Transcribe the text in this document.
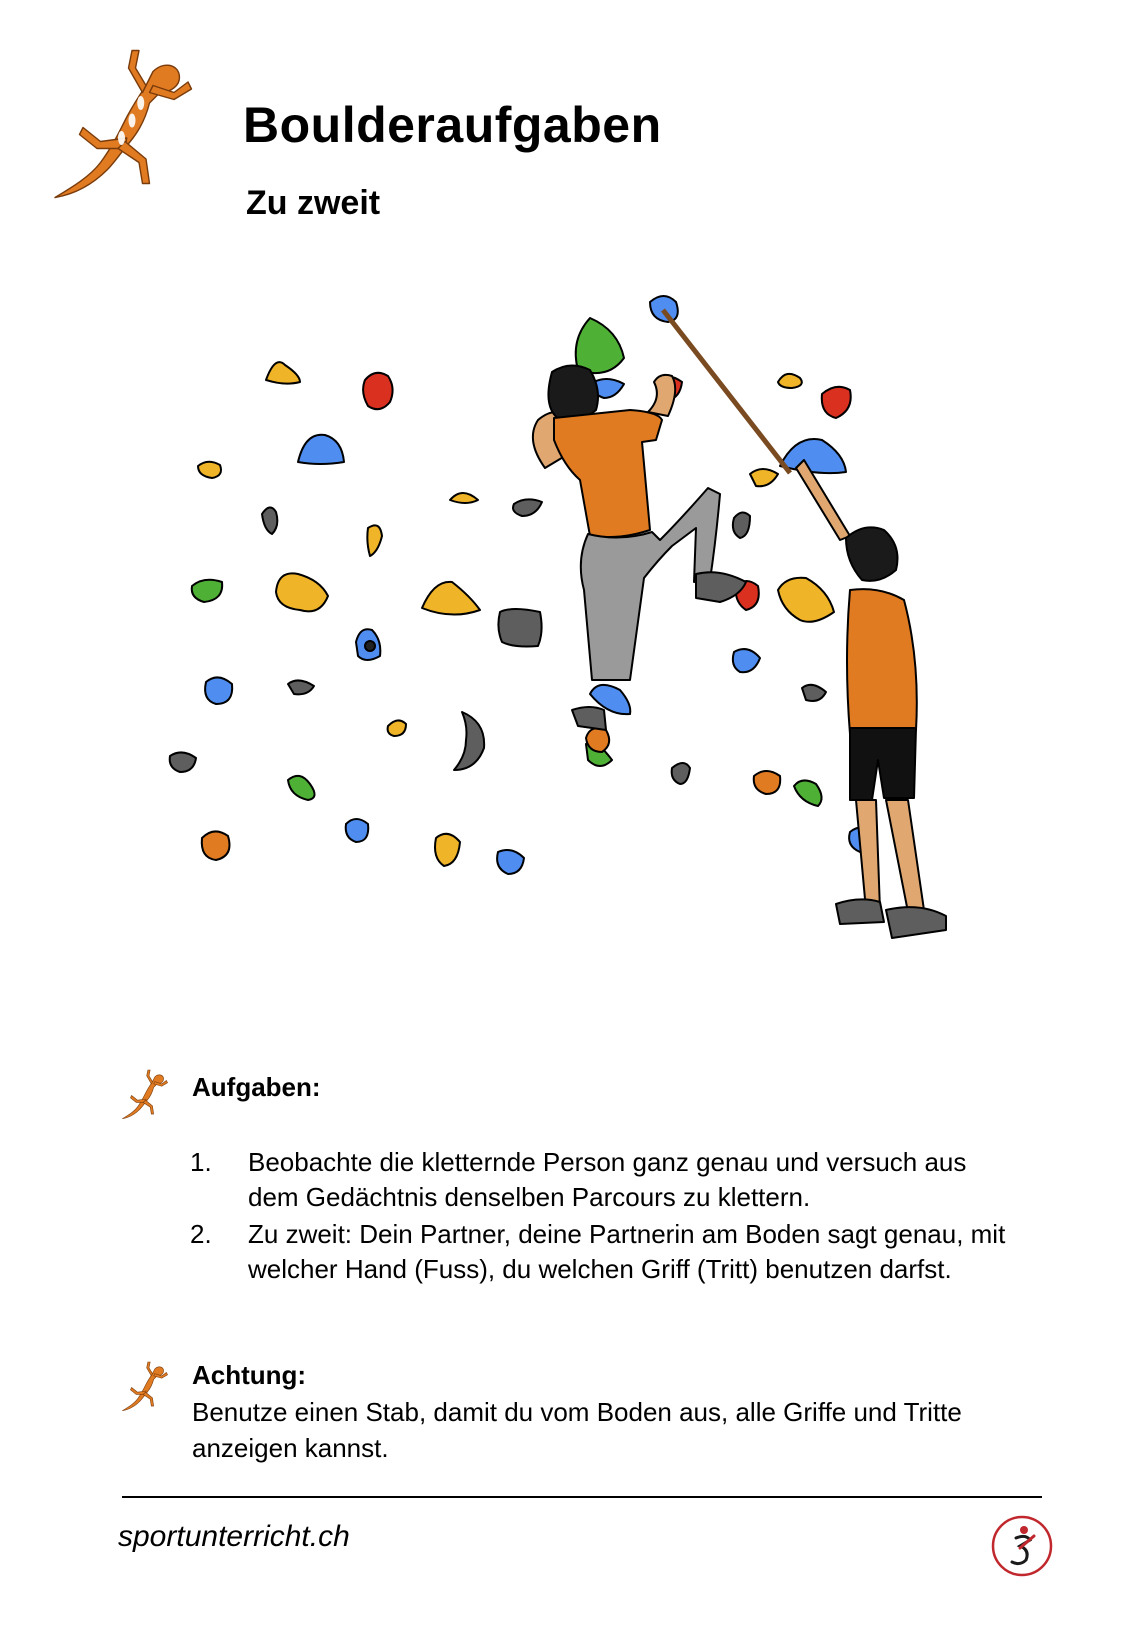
Boulderaufgaben
Zu zweit
Aufgaben:
1. Beobachte die kletternde Person ganz genau und versuch aus dem Gedächtnis denselben Parcours zu klettern.
2. Zu zweit: Dein Partner, deine Partnerin am Boden sagt genau, mit welcher Hand (Fuss), du welchen Griff (Tritt) benutzen darfst.
Achtung:
Benutze einen Stab, damit du vom Boden aus, alle Griffe und Tritte anzeigen kannst.
sportunterricht.ch
